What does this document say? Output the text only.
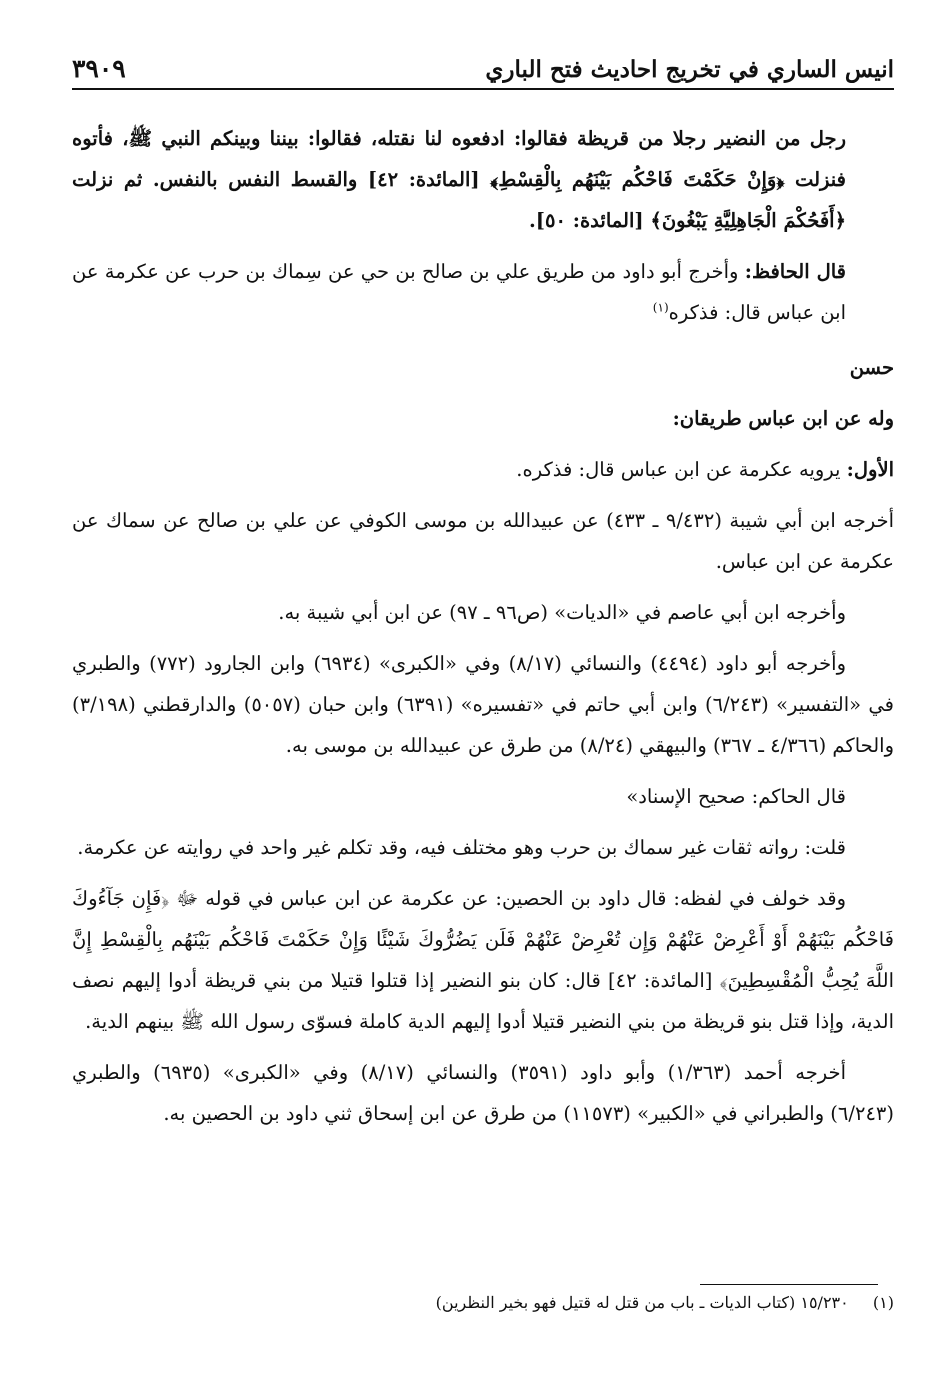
انيس الساري في تخريج احاديث فتح الباري
٣٩٠٩

رجل من النضير رجلا من قريظة فقالوا: ادفعوه لنا نقتله، فقالوا: بيننا وبينكم النبي ﷺ، فأتوه فنزلت ﴿وَإِنْ حَكَمْتَ فَاحْكُم بَيْنَهُم بِالْقِسْطِ﴾ [المائدة: ٤٢] والقسط النفس بالنفس. ثم نزلت ﴿أَفَحُكْمَ الْجَاهِلِيَّةِ يَبْغُونَ﴾ [المائدة: ٥٠].

قال الحافظ: وأخرج أبو داود من طريق علي بن صالح بن حي عن سِماك بن حرب عن عكرمة عن ابن عباس قال: فذكره$^{(١)}$

حسن

وله عن ابن عباس طريقان:

الأول: يرويه عكرمة عن ابن عباس قال: فذكره.

أخرجه ابن أبي شيبة (٩/٤٣٢ ـ ٤٣٣) عن عبيدالله بن موسى الكوفي عن علي بن صالح عن سماك عن عكرمة عن ابن عباس.

وأخرجه ابن أبي عاصم في «الديات» (ص٩٦ ـ ٩٧) عن ابن أبي شيبة به.

وأخرجه أبو داود (٤٤٩٤) والنسائي (٨/١٧) وفي «الكبرى» (٦٩٣٤) وابن الجارود (٧٧٢) والطبري في «التفسير» (٦/٢٤٣) وابن أبي حاتم في «تفسيره» (٦٣٩١) وابن حبان (٥٠٥٧) والدارقطني (٣/١٩٨) والحاكم (٤/٣٦٦ ـ ٣٦٧) والبيهقي (٨/٢٤) من طرق عن عبيدالله بن موسى به.

قال الحاكم: صحيح الإسناد»

قلت: رواته ثقات غير سماك بن حرب وهو مختلف فيه، وقد تكلم غير واحد في روايته عن عكرمة.

وقد خولف في لفظه: قال داود بن الحصين: عن عكرمة عن ابن عباس في قوله ﷻ ﴿فَإِن جَآءُوكَ فَاحْكُم بَيْنَهُمْ أَوْ أَعْرِضْ عَنْهُمْ وَإِن تُعْرِضْ عَنْهُمْ فَلَن يَضُرُّوكَ شَيْئًا وَإِنْ حَكَمْتَ فَاحْكُم بَيْنَهُم بِالْقِسْطِ إِنَّ اللَّهَ يُحِبُّ الْمُقْسِطِينَ﴾ [المائدة: ٤٢] قال: كان بنو النضير إذا قتلوا قتيلا من بني قريظة أدوا إليهم نصف الدية، وإذا قتل بنو قريظة من بني النضير قتيلا أدوا إليهم الدية كاملة فسوّى رسول الله ﷺ بينهم الدية.

أخرجه أحمد (١/٣٦٣) وأبو داود (٣٥٩١) والنسائي (٨/١٧) وفي «الكبرى» (٦٩٣٥) والطبري (٦/٢٤٣) والطبراني في «الكبير» (١١٥٧٣) من طرق عن ابن إسحاق ثني داود بن الحصين به.

(١)  ١٥/٢٣٠ (كتاب الديات ـ باب من قتل له قتيل فهو بخير النظرين)
